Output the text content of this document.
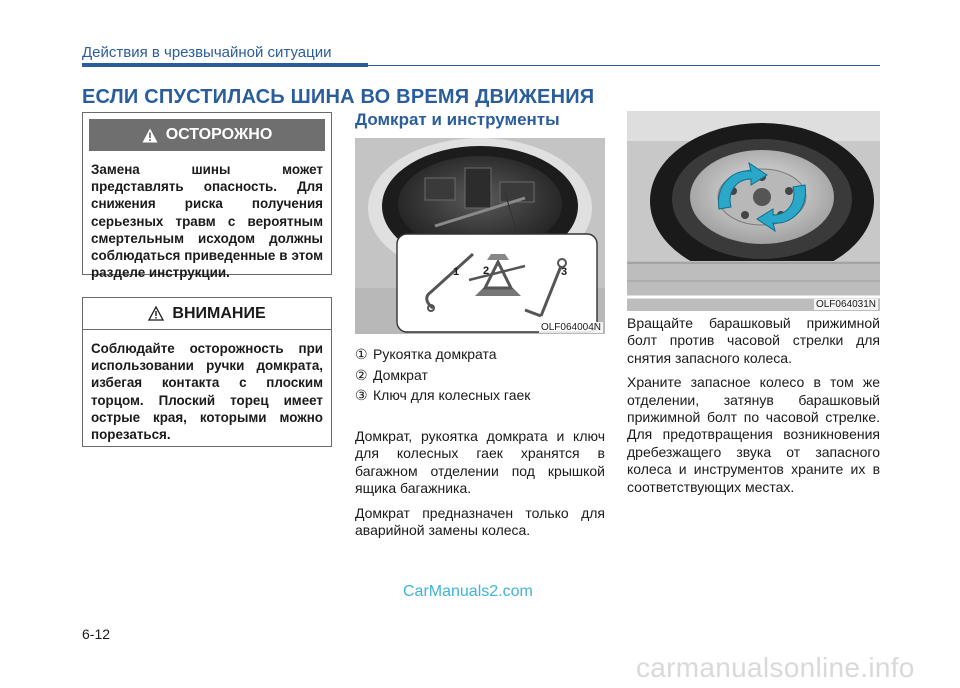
Действия в чрезвычайной ситуации
ЕСЛИ СПУСТИЛАСЬ ШИНА ВО ВРЕМЯ ДВИЖЕНИЯ
ОСТОРОЖНО
Замена шины может представлять опасность. Для снижения риска получения серьезных травм с вероятным смертельным исходом должны соблюдаться приведенные в этом разделе инструкции.
ВНИМАНИЕ
Соблюдайте осторожность при использовании ручки домкрата, избегая контакта с плоским торцом. Плоский торец имеет острые края, которыми можно порезаться.
Домкрат и инструменты
1 2	3
OLF064004N
OLF064031N
① Рукоятка домкрата
② Домкрат
③ Ключ для колесных гаек

Домкрат, рукоятка домкрата и ключ для колесных гаек хранятся в багажном отделении под крышкой ящика багажника.

Домкрат предназначен только для аварийной замены колеса.

Вращайте барашковый прижимной болт против часовой стрелки для снятия запасного колеса.

Храните запасное колесо в том же отделении, затянув барашковый прижимной болт по часовой стрелке. Для предотвращения возникновения дребезжащего звука от запасного колеса и инструментов храните их в соответствующих местах.

CarManuals2.com
6-12
carmanualsonline.info
